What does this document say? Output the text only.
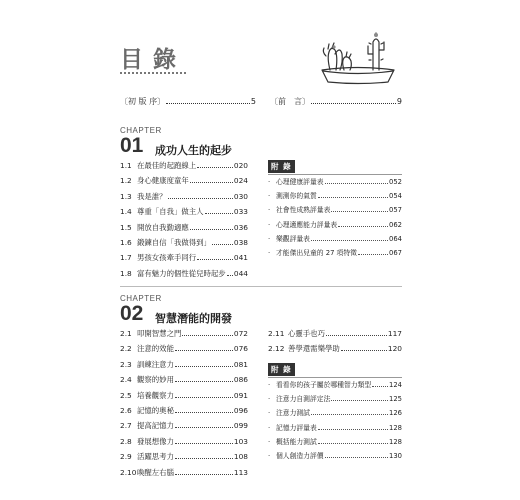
目錄
〔初 版 序〕	5 〔前　言〕	9
CHAPTER
01 成功人生的起步
1.1 在最佳的起跑線上	020
1.2 身心健康度童年	024
1.3 我是誰？	030
1.4 尊重「自我」做主人	033
1.5 開放自我勤適應	036
1.6 鍛鍊自信「我做得到」	038
1.7 男孩女孩牽手同行	041
1.8 富有魅力的個性從兒時起步 044
附 錄
· 心理健康評量表	052
· 測測你的氣質	054
· 社會性成熟評量表	057
· 心理適應能力評量表	062
· 樂觀評量表	064
· 才能傑出兒童的 27 項特徵	067
CHAPTER
02 智慧潛能的開發
2.1 叩開智慧之門	072
2.2 注意的效能	076
2.3 訓練注意力	081
2.4 觀察的妙用	086
2.5 培養觀察力	091
2.6 記憶的奧秘	096
2.7 提高記憶力	099
2.8 發展想像力	103
2.9 活躍思考力	108
2.10 喚醒左右腦	113
2.11 心靈手也巧	117
2.12 善學還需樂學助	120
附 錄
· 看看你的孩子屬於哪種智力類型	124
· 注意力自測評定法	125
· 注意力測試	126
· 記憶力評量表	128
· 概括能力測試	128
· 個人創造力評價	130
